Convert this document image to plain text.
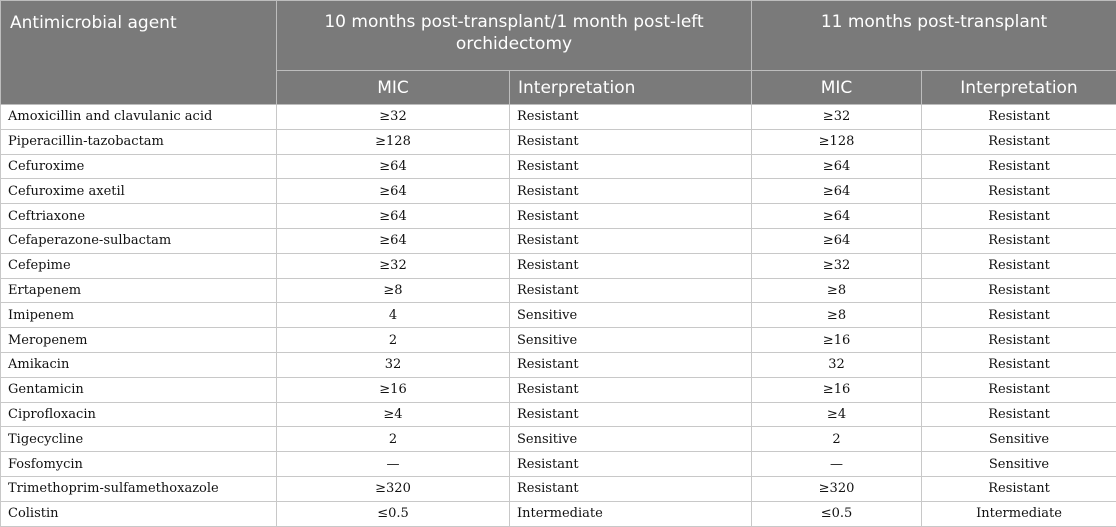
Antimicrobial agent	10 months post-transplant/1 month post-left orchidectomy		11 months post-transplant	
	MIC	Interpretation	MIC	Interpretation
Amoxicillin and clavulanic acid	≥32	Resistant	≥32	Resistant
Piperacillin-tazobactam	≥128	Resistant	≥128	Resistant
Cefuroxime	≥64	Resistant	≥64	Resistant
Cefuroxime axetil	≥64	Resistant	≥64	Resistant
Ceftriaxone	≥64	Resistant	≥64	Resistant
Cefaperazone-sulbactam	≥64	Resistant	≥64	Resistant
Cefepime	≥32	Resistant	≥32	Resistant
Ertapenem	≥8	Resistant	≥8	Resistant
Imipenem	4	Sensitive	≥8	Resistant
Meropenem	2	Sensitive	≥16	Resistant
Amikacin	32	Resistant	32	Resistant
Gentamicin	≥16	Resistant	≥16	Resistant
Ciprofloxacin	≥4	Resistant	≥4	Resistant
Tigecycline	2	Sensitive	2	Sensitive
Fosfomycin	—	Resistant	—	Sensitive
Trimethoprim-sulfamethoxazole	≥320	Resistant	≥320	Resistant
Colistin	≤0.5	Intermediate	≤0.5	Intermediate
